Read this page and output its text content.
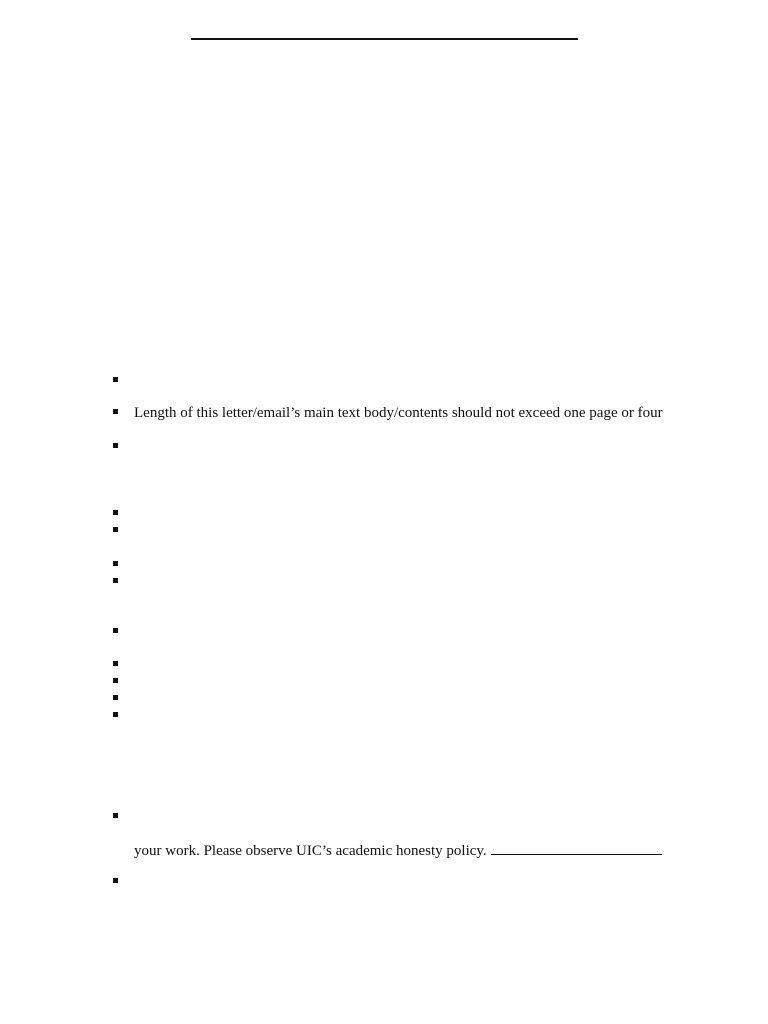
Length of this letter/email’s main text body/contents should not exceed one page or four
your work. Please observe UIC’s academic honesty policy.
